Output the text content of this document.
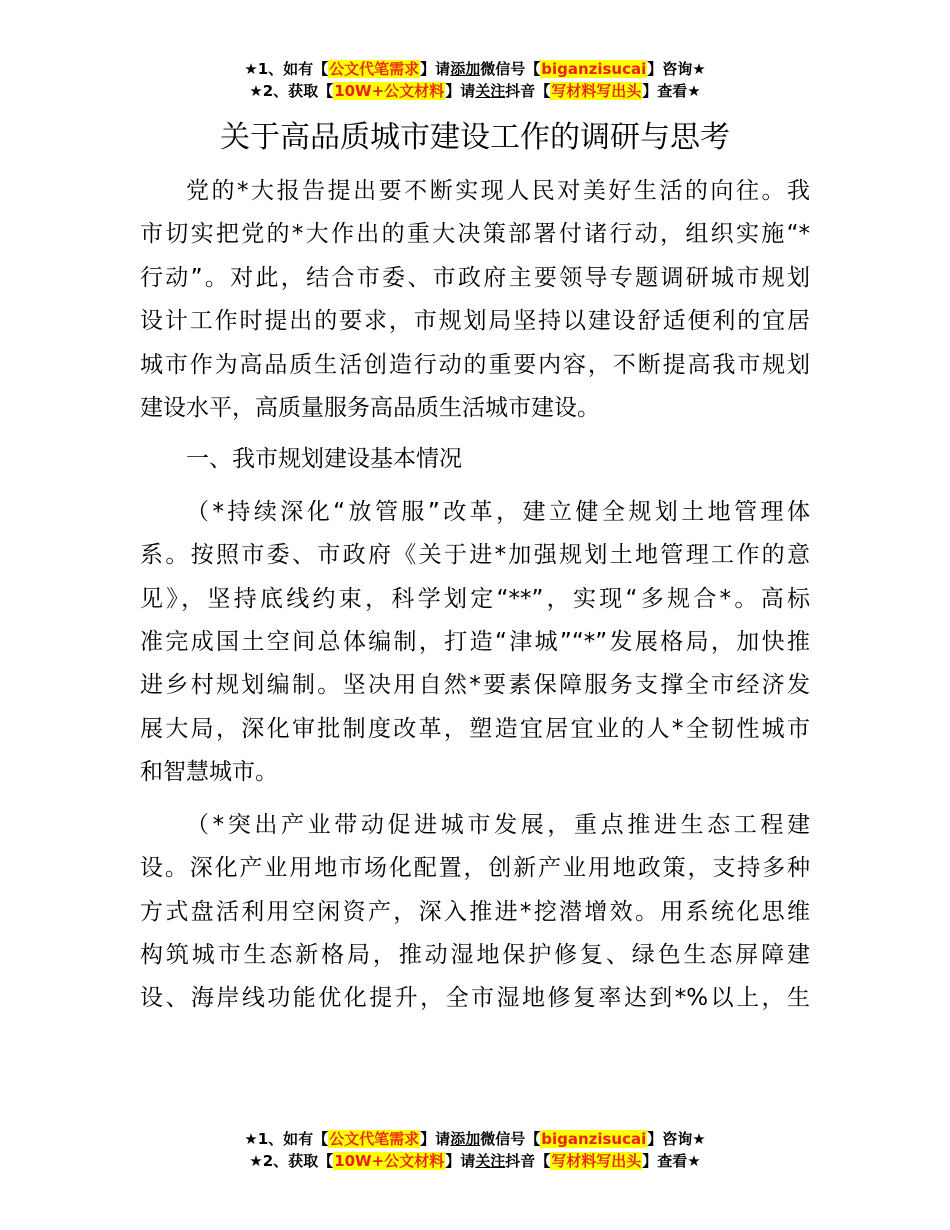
★1、如有【公文代笔需求】请添加微信号【biganzisucai】咨询★
★2、获取【10W+公文材料】请关注抖音【写材料写出头】查看★
关于高品质城市建设工作的调研与思考
党的*大报告提出要不断实现人民对美好生活的向往。我
市切实把党的*大作出的重大决策部署付诸行动，组织实施“*
行动”。对此，结合市委、市政府主要领导专题调研城市规划
设计工作时提出的要求，市规划局坚持以建设舒适便利的宜居
城市作为高品质生活创造行动的重要内容，不断提高我市规划
建设水平，高质量服务高品质生活城市建设。
一、我市规划建设基本情况
（*持续深化“放管服”改革，建立健全规划土地管理体
系。按照市委、市政府《关于进*加强规划土地管理工作的意
见》，坚持底线约束，科学划定“**”，实现“多规合*。高标
准完成国土空间总体编制，打造“津城”“*”发展格局，加快推
进乡村规划编制。坚决用自然*要素保障服务支撑全市经济发
展大局，深化审批制度改革，塑造宜居宜业的人*全韧性城市
和智慧城市。
（*突出产业带动促进城市发展，重点推进生态工程建
设。深化产业用地市场化配置，创新产业用地政策，支持多种
方式盘活利用空闲资产，深入推进*挖潜增效。用系统化思维
构筑城市生态新格局，推动湿地保护修复、绿色生态屏障建
设、海岸线功能优化提升，全市湿地修复率达到*%以上，生
★1、如有【公文代笔需求】请添加微信号【biganzisucai】咨询★
★2、获取【10W+公文材料】请关注抖音【写材料写出头】查看★
